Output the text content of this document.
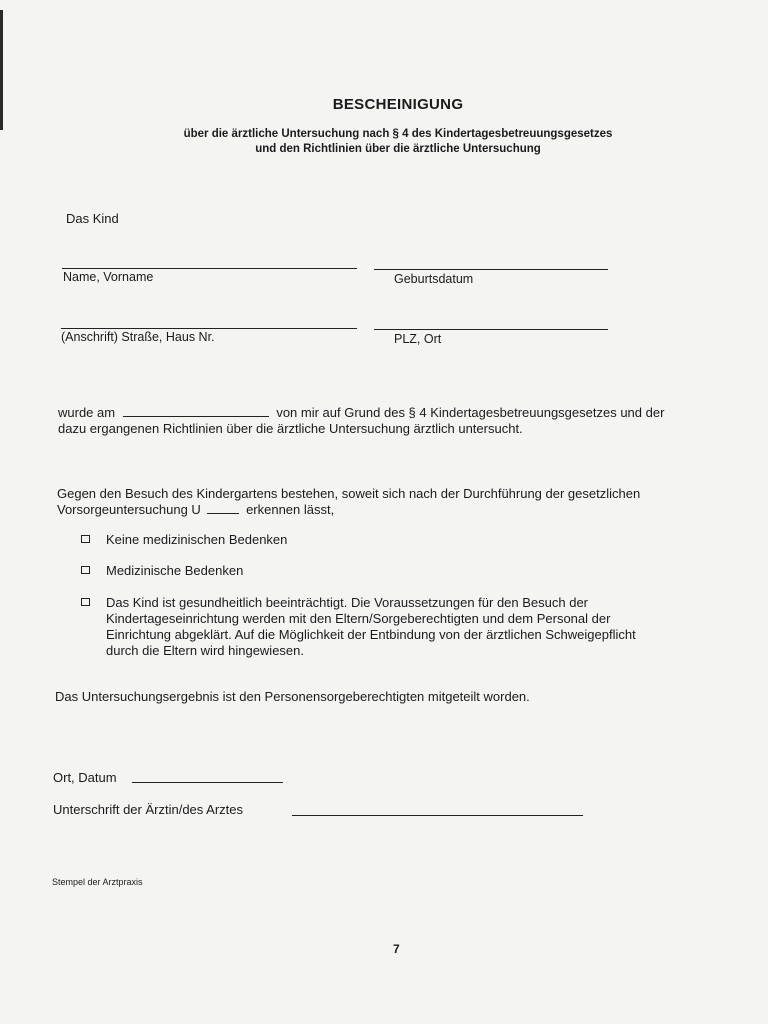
BESCHEINIGUNG
über die ärztliche Untersuchung nach § 4 des Kindertagesbetreuungsgesetzes
und den Richtlinien über die ärztliche Untersuchung
Das Kind
Name, Vorname	Geburtsdatum
(Anschrift) Straße, Haus Nr.	PLZ, Ort
wurde am	von mir auf Grund des § 4 Kindertagesbetreuungsgesetzes und der
dazu ergangenen Richtlinien über die ärztliche Untersuchung ärztlich untersucht.
Gegen den Besuch des Kindergartens bestehen, soweit sich nach der Durchführung der gesetzlichen
Vorsorgeuntersuchung U	erkennen lässt,
Keine medizinischen Bedenken
Medizinische Bedenken
Das Kind ist gesundheitlich beeinträchtigt. Die Voraussetzungen für den Besuch der
Kindertageseinrichtung werden mit den Eltern/Sorgeberechtigten und dem Personal der
Einrichtung abgeklärt. Auf die Möglichkeit der Entbindung von der ärztlichen Schweigepflicht
durch die Eltern wird hingewiesen.
Das Untersuchungsergebnis ist den Personensorgeberechtigten mitgeteilt worden.
Ort, Datum
Unterschrift der Ärztin/des Arztes
Stempel der Arztpraxis
7
